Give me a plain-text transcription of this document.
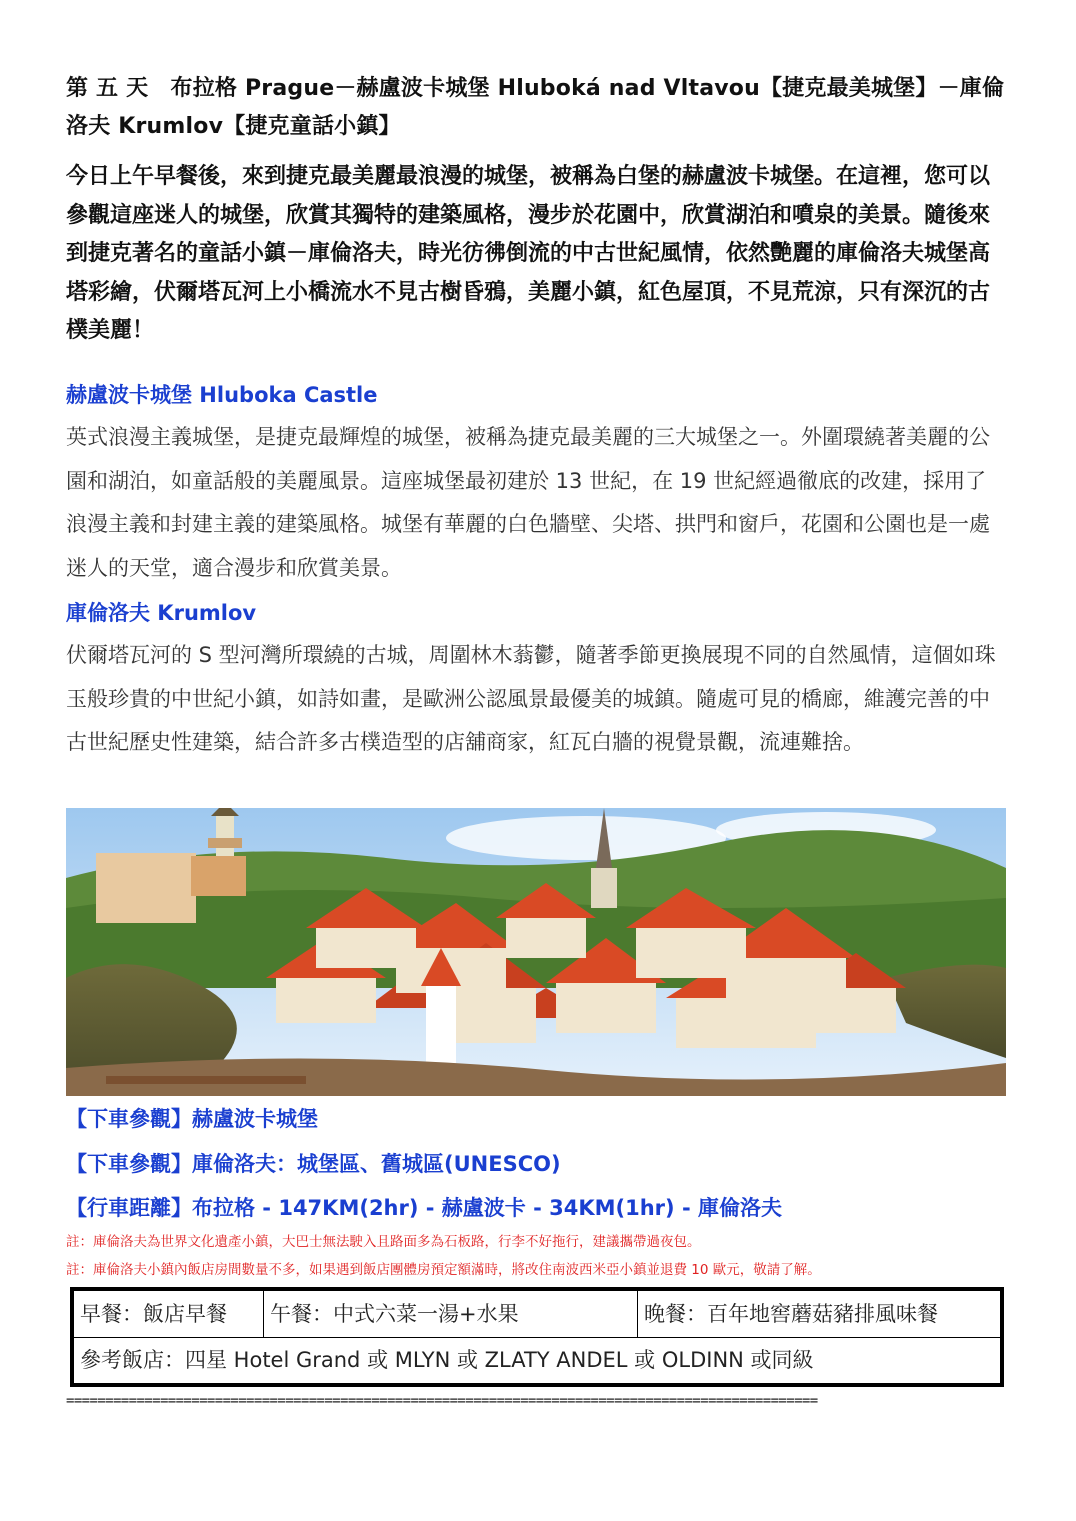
第 五 天　布拉格 Prague－赫盧波卡城堡 Hluboká nad Vltavou【捷克最美城堡】－庫倫洛夫 Krumlov【捷克童話小鎮】
今日上午早餐後，來到捷克最美麗最浪漫的城堡，被稱為白堡的赫盧波卡城堡。在這裡，您可以參觀這座迷人的城堡，欣賞其獨特的建築風格，漫步於花園中，欣賞湖泊和噴泉的美景。隨後來到捷克著名的童話小鎮－庫倫洛夫，時光彷彿倒流的中古世紀風情，依然艷麗的庫倫洛夫城堡高塔彩繪，伏爾塔瓦河上小橋流水不見古樹昏鴉，美麗小鎮，紅色屋頂，不見荒涼，只有深沉的古樸美麗！
赫盧波卡城堡 Hluboka Castle
英式浪漫主義城堡，是捷克最輝煌的城堡，被稱為捷克最美麗的三大城堡之一。外圍環繞著美麗的公園和湖泊，如童話般的美麗風景。這座城堡最初建於 13 世紀，在 19 世紀經過徹底的改建，採用了浪漫主義和封建主義的建築風格。城堡有華麗的白色牆壁、尖塔、拱門和窗戶，花園和公園也是一處迷人的天堂，適合漫步和欣賞美景。
庫倫洛夫 Krumlov
伏爾塔瓦河的 S 型河灣所環繞的古城，周圍林木蓊鬱，隨著季節更換展現不同的自然風情，這個如珠玉般珍貴的中世紀小鎮，如詩如畫，是歐洲公認風景最優美的城鎮。隨處可見的橋廊，維護完善的中古世紀歷史性建築，結合許多古樸造型的店舖商家，紅瓦白牆的視覺景觀，流連難捨。
【下車參觀】赫盧波卡城堡
【下車參觀】庫倫洛夫：城堡區、舊城區(UNESCO)
【行車距離】布拉格 - 147KM(2hr) - 赫盧波卡 - 34KM(1hr) - 庫倫洛夫
註：庫倫洛夫為世界文化遺產小鎮，大巴士無法駛入且路面多為石板路，行李不好拖行，建議攜帶過夜包。
註：庫倫洛夫小鎮內飯店房間數量不多，如果遇到飯店團體房預定額滿時，將改住南波西米亞小鎮並退費 10 歐元，敬請了解。
早餐：飯店早餐	午餐：中式六菜一湯+水果	晚餐：百年地窖蘑菇豬排風味餐
參考飯店：四星 Hotel Grand 或 MLYN 或 ZLATY ANDEL 或 OLDINN 或同級
================================================================================================
